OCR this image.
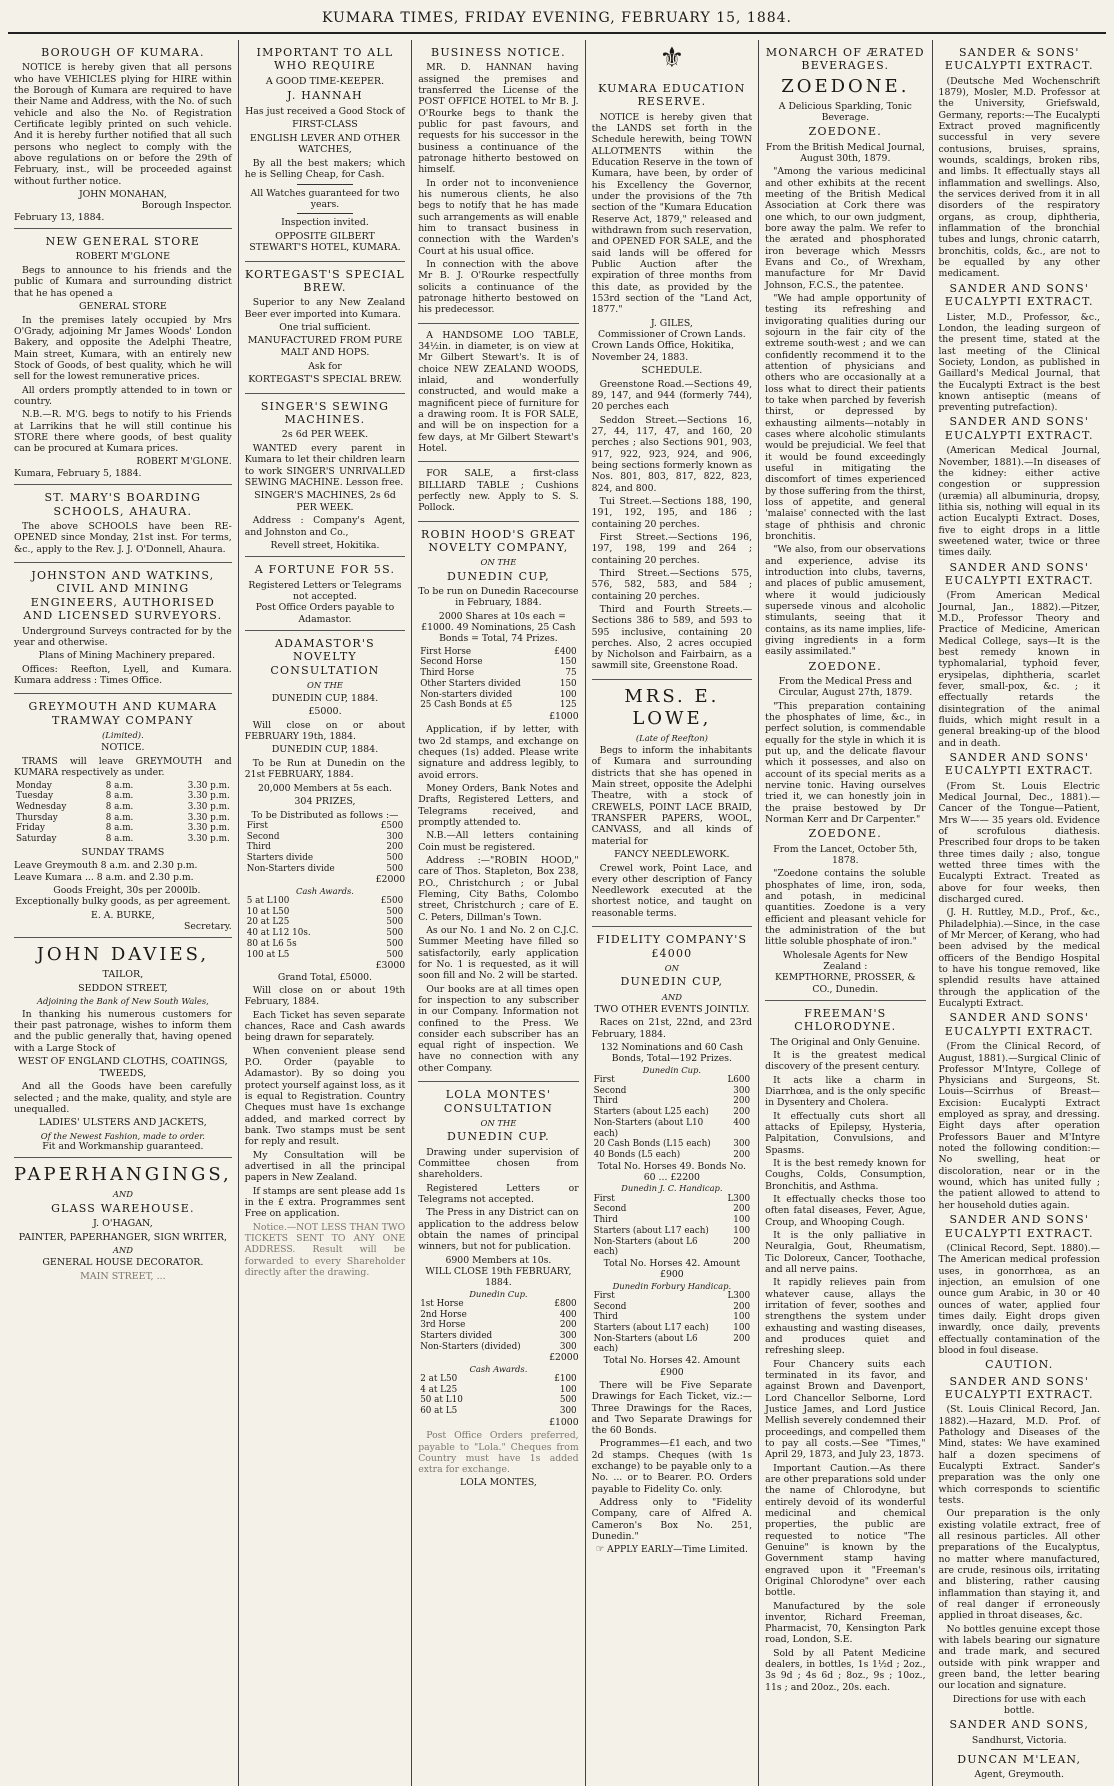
KUMARA TIMES, FRIDAY EVENING, FEBRUARY 15, 1884.
BOROUGH OF KUMARA.

NOTICE is hereby given that all persons who have VEHICLES plying for HIRE within the Borough of Kumara are required to have their Name and Address, with the No. of such vehicle and also the No. of Registration Certificate legibly printed on such vehicle. And it is hereby further notified that all such persons who neglect to comply with the above regulations on or before the 29th of February, inst., will be proceeded against without further notice.

JOHN MONAHAN,
Borough Inspector.
February 13, 1884.
NEW GENERAL STORE
ROBERT M'GLONE

Begs to announce to his friends and the public of Kumara and surrounding district that he has opened a

GENERAL STORE

In the premises lately occupied by Mrs O'Grady, adjoining Mr James Woods' London Bakery, and opposite the Adelphi Theatre, Main street, Kumara, with an entirely new Stock of Goods, of best quality, which he will sell for the lowest remunerative prices.

All orders promptly attended to in town or country.

N.B.—R. M'G. begs to notify to his Friends at Larrikins that he will still continue his STORE there where goods, of best quality can be procured at Kumara prices.

ROBERT M'GLONE.
Kumara, February 5, 1884.
ST. MARY'S BOARDING SCHOOLS, AHAURA.

The above SCHOOLS have been RE-OPENED since Monday, 21st inst. For terms, &c., apply to the Rev. J. J. O'Donnell, Ahaura.

JOHNSTON AND WATKINS, CIVIL AND MINING ENGINEERS, AUTHORISED AND LICENSED SURVEYORS.

Underground Surveys contracted for by the year and otherwise.

Plans of Mining Machinery prepared.

Offices: Reefton, Lyell, and Kumara. Kumara address : Times Office.

GREYMOUTH AND KUMARA TRAMWAY COMPANY
(Limited).
NOTICE.

TRAMS will leave GREYMOUTH and KUMARA respectively as under.

Monday	8 a.m.	3.30 p.m.
Tuesday	8 a.m.	3.30 p.m.
Wednesday	8 a.m.	3.30 p.m.
Thursday	8 a.m.	3.30 p.m.
Friday	8 a.m.	3.30 p.m.
Saturday	8 a.m.	3.30 p.m.
SUNDAY TRAMS
Leave Greymouth 8 a.m. and 2.30 p.m.
Leave Kumara ... 8 a.m. and 2.30 p.m.

Goods Freight, 30s per 2000lb. Exceptionally bulky goods, as per agreement.

E. A. BURKE,
Secretary.
JOHN DAVIES,
TAILOR,
SEDDON STREET,
Adjoining the Bank of New South Wales,

In thanking his numerous customers for their past patronage, wishes to inform them and the public generally that, having opened with a Large Stock of

WEST OF ENGLAND CLOTHS, COATINGS, TWEEDS,

And all the Goods have been carefully selected ; and the make, quality, and style are unequalled.

LADIES' ULSTERS AND JACKETS,
Of the Newest Fashion, made to order.
Fit and Workmanship guaranteed.
PAPERHANGINGS,
AND
GLASS WAREHOUSE.
J. O'HAGAN,
PAINTER, PAPERHANGER, SIGN WRITER,
AND
GENERAL HOUSE DECORATOR.
MAIN STREET, ...
IMPORTANT TO ALL WHO REQUIRE
A GOOD TIME-KEEPER.
J. HANNAH
Has just received a Good Stock of
FIRST-CLASS
ENGLISH LEVER AND OTHER WATCHES,

By all the best makers; which he is Selling Cheap, for Cash.

All Watches guaranteed for two years.
Inspection invited.
OPPOSITE GILBERT STEWART'S HOTEL, KUMARA.
KORTEGAST'S SPECIAL BREW.

Superior to any New Zealand Beer ever imported into Kumara.

One trial sufficient.
MANUFACTURED FROM PURE MALT AND HOPS.
Ask for
KORTEGAST'S SPECIAL BREW.
SINGER'S SEWING MACHINES.
2s 6d PER WEEK.

WANTED every parent in Kumara to let their children learn to work SINGER'S UNRIVALLED SEWING MACHINE. Lesson free.

SINGER'S MACHINES, 2s 6d PER WEEK.

Address : Company's Agent, and Johnston and Co.,

Revell street, Hokitika.
A FORTUNE FOR 5S.
Registered Letters or Telegrams not accepted.
Post Office Orders payable to Adamastor.
ADAMASTOR'S NOVELTY CONSULTATION
ON THE
DUNEDIN CUP, 1884.
£5000.

Will close on or about FEBRUARY 19th, 1884.

DUNEDIN CUP, 1884.

To be Run at Dunedin on the 21st FEBRUARY, 1884.

20,000 Members at 5s each.
304 PRIZES,
To be Distributed as follows :—
First	£500
Second	300
Third	200
Starters divide	500
Non-Starters divide	500
£2000
Cash Awards.
5 at L100	£500
10 at L50	500
20 at L25	500
40 at L12 10s.	500
80 at L6 5s	500
100 at L5	500
£3000
Grand Total, £5000.

Will close on or about 19th February, 1884.

Each Ticket has seven separate chances, Race and Cash awards being drawn for separately.

When convenient please send P.O. Order (payable to Adamastor). By so doing you protect yourself against loss, as it is equal to Registration. Country Cheques must have 1s exchange added, and marked correct by bank. Two stamps must be sent for reply and result.

My Consultation will be advertised in all the principal papers in New Zealand.

If stamps are sent please add 1s in the £ extra. Programmes sent Free on application.

Notice.—NOT LESS THAN TWO TICKETS SENT TO ANY ONE ADDRESS. Result will be forwarded to every Shareholder directly after the drawing.

BUSINESS NOTICE.

MR. D. HANNAN having assigned the premises and transferred the License of the POST OFFICE HOTEL to Mr B. J. O'Rourke begs to thank the public for past favours, and requests for his successor in the business a continuance of the patronage hitherto bestowed on himself.

In order not to inconvenience his numerous clients, he also begs to notify that he has made such arrangements as will enable him to transact business in connection with the Warden's Court at his usual office.

In connection with the above Mr B. J. O'Rourke respectfully solicits a continuance of the patronage hitherto bestowed on his predecessor.

A HANDSOME LOO TABLE, 34½in. in diameter, is on view at Mr Gilbert Stewart's. It is of choice NEW ZEALAND WOODS, inlaid, and wonderfully constructed, and would make a magnificent piece of furniture for a drawing room. It is FOR SALE, and will be on inspection for a few days, at Mr Gilbert Stewart's Hotel.

FOR SALE, a first-class BILLIARD TABLE ; Cushions perfectly new. Apply to S. S. Pollock.

ROBIN HOOD'S GREAT NOVELTY COMPANY,
ON THE
DUNEDIN CUP,
To be run on Dunedin Racecourse in February, 1884.

2000 Shares at 10s each = £1000. 49 Nominations, 25 Cash Bonds = Total, 74 Prizes.

First Horse	£400
Second Horse	150
Third Horse	75
Other Starters divided	150
Non-starters divided	100
25 Cash Bonds at £5	125
£1000

Application, if by letter, with two 2d stamps, and exchange on cheques (1s) added. Please write signature and address legibly, to avoid errors.

Money Orders, Bank Notes and Drafts, Registered Letters, and Telegrams received, and promptly attended to.

N.B.—All letters containing Coin must be registered.

Address :—"ROBIN HOOD," care of Thos. Stapleton, Box 238, P.O., Christchurch ; or Jubal Fleming, City Baths, Colombo street, Christchurch ; care of E. C. Peters, Dillman's Town.

As our No. 1 and No. 2 on C.J.C. Summer Meeting have filled so satisfactorily, early application for No. 1 is requested, as it will soon fill and No. 2 will be started.

Our books are at all times open for inspection to any subscriber in our Company. Information not confined to the Press. We consider each subscriber has an equal right of inspection. We have no connection with any other Company.

LOLA MONTES' CONSULTATION
ON THE
DUNEDIN CUP.

Drawing under supervision of Committee chosen from shareholders.

Registered Letters or Telegrams not accepted.

The Press in any District can on application to the address below obtain the names of principal winners, but not for publication.

6900 Members at 10s.
WILL CLOSE 19th FEBRUARY, 1884.
Dunedin Cup.
1st Horse	£800
2nd Horse	400
3rd Horse	200
Starters divided	300
Non-Starters (divided)	300
£2000
Cash Awards.
2 at L50	£100
4 at L25	100
50 at L10	500
60 at L5	300
£1000

Post Office Orders preferred, payable to "Lola." Cheques from Country must have 1s added extra for exchange.

LOLA MONTES,
⚜
KUMARA EDUCATION RESERVE.

NOTICE is hereby given that the LANDS set forth in the Schedule herewith, being TOWN ALLOTMENTS within the Education Reserve in the town of Kumara, have been, by order of his Excellency the Governor, under the provisions of the 7th section of the "Kumara Education Reserve Act, 1879," released and withdrawn from such reservation, and OPENED FOR SALE, and the said lands will be offered for Public Auction after the expiration of three months from this date, as provided by the 153rd section of the "Land Act, 1877."

J. GILES,
Commissioner of Crown Lands.
Crown Lands Office, Hokitika, November 24, 1883.
SCHEDULE.

Greenstone Road.—Sections 49, 89, 147, and 944 (formerly 744), 20 perches each

Seddon Street.—Sections 16, 27, 44, 117, 47, and 160, 20 perches ; also Sections 901, 903, 917, 922, 923, 924, and 906, being sections formerly known as Nos. 801, 803, 817, 822, 823, 824, and 800.

Tui Street.—Sections 188, 190, 191, 192, 195, and 186 ; containing 20 perches.

First Street.—Sections 196, 197, 198, 199 and 264 ; containing 20 perches.

Third Street.—Sections 575, 576, 582, 583, and 584 ; containing 20 perches.

Third and Fourth Streets.—Sections 386 to 589, and 593 to 595 inclusive, containing 20 perches. Also, 2 acres occupied by Nicholson and Fairbairn, as a sawmill site, Greenstone Road.

MRS. E. LOWE,
(Late of Reefton)

Begs to inform the inhabitants of Kumara and surrounding districts that she has opened in Main street, opposite the Adelphi Theatre, with a stock of CREWELS, POINT LACE BRAID, TRANSFER PAPERS, WOOL, CANVASS, and all kinds of material for

FANCY NEEDLEWORK.

Crewel work, Point Lace, and every other description of Fancy Needlework executed at the shortest notice, and taught on reasonable terms.

FIDELITY COMPANY'S £4000
ON
DUNEDIN CUP,
AND
TWO OTHER EVENTS JOINTLY.

Races on 21st, 22nd, and 23rd February, 1884.

132 Nominations and 60 Cash Bonds, Total—192 Prizes.
Dunedin Cup.
First	L600
Second	300
Third	200
Starters (about L25 each)	200
Non-Starters (about L10 each)	400
20 Cash Bonds (L15 each)	300
40 Bonds (L5 each)	200
Total No. Horses 49. Bonds No. 60 ... £2200
Dunedin J. C. Handicap.
First	L300
Second	200
Third	100
Starters (about L17 each)	100
Non-Starters (about L6 each)	200
Total No. Horses 42. Amount £900
Dunedin Forbury Handicap.
First	L300
Second	200
Third	100
Starters (about L17 each)	100
Non-Starters (about L6 each)	200
Total No. Horses 42. Amount £900

There will be Five Separate Drawings for Each Ticket, viz.:—Three Drawings for the Races, and Two Separate Drawings for the 60 Bonds.

Programmes—£1 each, and two 2d stamps. Cheques (with 1s exchange) to be payable only to a No. ... or to Bearer. P.O. Orders payable to Fidelity Co. only.

Address only to "Fidelity Company, care of Alfred A. Cameron's Box No. 251, Dunedin."

☞ APPLY EARLY—Time Limited.
MONARCH OF ÆRATED BEVERAGES.
ZOEDONE.
A Delicious Sparkling, Tonic Beverage.
ZOEDONE.
From the British Medical Journal, August 30th, 1879.

"Among the various medicinal and other exhibits at the recent meeting of the British Medical Association at Cork there was one which, to our own judgment, bore away the palm. We refer to the ærated and phosphorated iron beverage which Messrs Evans and Co., of Wrexham, manufacture for Mr David Johnson, F.C.S., the patentee.

"We had ample opportunity of testing its refreshing and invigorating qualities during our sojourn in the fair city of the extreme south-west ; and we can confidently recommend it to the attention of physicians and others who are occasionally at a loss what to direct their patients to take when parched by feverish thirst, or depressed by exhausting ailments—notably in cases where alcoholic stimulants would be prejudicial. We feel that it would be found exceedingly useful in mitigating the discomfort of times experienced by those suffering from the thirst, loss of appetite, and general 'malaise' connected with the last stage of phthisis and chronic bronchitis.

"We also, from our observations and experience, advise its introduction into clubs, taverns, and places of public amusement, where it would judiciously supersede vinous and alcoholic stimulants, seeing that it contains, as its name implies, life-giving ingredients in a form easily assimilated."

ZOEDONE.
From the Medical Press and Circular, August 27th, 1879.

"This preparation containing the phosphates of lime, &c., in perfect solution, is commendable equally for the style in which it is put up, and the delicate flavour which it possesses, and also on account of its special merits as a nervine tonic. Having ourselves tried it, we can honestly join in the praise bestowed by Dr Norman Kerr and Dr Carpenter."

ZOEDONE.
From the Lancet, October 5th, 1878.

"Zoedone contains the soluble phosphates of lime, iron, soda, and potash, in medicinal quantities. Zoedone is a very efficient and pleasant vehicle for the administration of the but little soluble phosphate of iron."

Wholesale Agents for New Zealand :
KEMPTHORNE, PROSSER, & CO., Dunedin.
FREEMAN'S CHLORODYNE.
The Original and Only Genuine.

It is the greatest medical discovery of the present century.

It acts like a charm in Diarrhœa, and is the only specific in Dysentery and Cholera.

It effectually cuts short all attacks of Epilepsy, Hysteria, Palpitation, Convulsions, and Spasms.

It is the best remedy known for Coughs, Colds, Consumption, Bronchitis, and Asthma.

It effectually checks those too often fatal diseases, Fever, Ague, Croup, and Whooping Cough.

It is the only palliative in Neuralgia, Gout, Rheumatism, Tic Doloreux, Cancer, Toothache, and all nerve pains.

It rapidly relieves pain from whatever cause, allays the irritation of fever, soothes and strengthens the system under exhausting and wasting diseases, and produces quiet and refreshing sleep.

Four Chancery suits each terminated in its favor, and against Brown and Davenport, Lord Chancellor Selborne, Lord Justice James, and Lord Justice Mellish severely condemned their proceedings, and compelled them to pay all costs.—See "Times," April 29, 1873, and July 23, 1873.

Important Caution.—As there are other preparations sold under the name of Chlorodyne, but entirely devoid of its wonderful medicinal and chemical properties, the public are requested to notice "The Genuine" is known by the Government stamp having engraved upon it "Freeman's Original Chlorodyne" over each bottle.

Manufactured by the sole inventor, Richard Freeman, Pharmacist, 70, Kensington Park road, London, S.E.

Sold by all Patent Medicine dealers, in bottles, 1s 1½d ; 2oz., 3s 9d ; 4s 6d ; 8oz., 9s ; 10oz., 11s ; and 20oz., 20s. each.

SANDER & SONS' EUCALYPTI EXTRACT.

(Deutsche Med Wochenschrift 1879), Mosler, M.D. Professor at the University, Griefswald, Germany, reports:—The Eucalypti Extract proved magnificently successful in very severe contusions, bruises, sprains, wounds, scaldings, broken ribs, and limbs. It effectually stays all inflammation and swellings. Also, the services derived from it in all disorders of the respiratory organs, as croup, diphtheria, inflammation of the bronchial tubes and lungs, chronic catarrh, bronchitis, colds, &c., are not to be equalled by any other medicament.

SANDER AND SONS' EUCALYPTI EXTRACT.

Lister, M.D., Professor, &c., London, the leading surgeon of the present time, stated at the last meeting of the Clinical Society, London, as published in Gaillard's Medical Journal, that the Eucalypti Extract is the best known antiseptic (means of preventing putrefaction).

SANDER AND SONS' EUCALYPTI EXTRACT.

(American Medical Journal, November, 1881).—In diseases of the kidney: either active congestion or suppression (uræmia) all albuminuria, dropsy, lithia sis, nothing will equal in its action Eucalypti Extract. Doses, five to eight drops in a little sweetened water, twice or three times daily.

SANDER AND SONS' EUCALYPTI EXTRACT.

(From American Medical Journal, Jan., 1882).—Pitzer, M.D., Professor Theory and Practice of Medicine, American Medical College, says—It is the best remedy known in typhomalarial, typhoid fever, erysipelas, diphtheria, scarlet fever, small-pox, &c. ; it effectually retards the disintegration of the animal fluids, which might result in a general breaking-up of the blood and in death.

SANDER AND SONS' EUCALYPTI EXTRACT.

(From St. Louis Electric Medical Journal, Dec., 1881).—Cancer of the Tongue—Patient, Mrs W—— 35 years old. Evidence of scrofulous diathesis. Prescribed four drops to be taken three times daily ; also, tongue wetted three times with the Eucalypti Extract. Treated as above for four weeks, then discharged cured.

(J. H. Ruttley, M.D., Prof., &c., Philadelphia).—Since, in the case of Mr Mercer, of Kerang, who had been advised by the medical officers of the Bendigo Hospital to have his tongue removed, like splendid results have attained through the application of the Eucalypti Extract.

SANDER AND SONS' EUCALYPTI EXTRACT.

(From the Clinical Record, of August, 1881).—Surgical Clinic of Professor M'Intyre, College of Physicians and Surgeons, St. Louis—Scirrhus of Breast—Excision: Eucalypti Extract employed as spray, and dressing. Eight days after operation Professors Bauer and M'Intyre noted the following condition:—No swelling, heat or discoloration, near or in the wound, which has united fully ; the patient allowed to attend to her household duties again.

SANDER AND SONS' EUCALYPTI EXTRACT.

(Clinical Record, Sept. 1880).—The American medical profession uses, in gonorrhœa, as an injection, an emulsion of one ounce gum Arabic, in 30 or 40 ounces of water, applied four times daily. Eight drops given inwardly, once daily, prevents effectually contamination of the blood in foul disease.

CAUTION.
SANDER AND SONS' EUCALYPTI EXTRACT.

(St. Louis Clinical Record, Jan. 1882).—Hazard, M.D. Prof. of Pathology and Diseases of the Mind, states: We have examined half a dozen specimens of Eucalypti Extract. Sander's preparation was the only one which corresponds to scientific tests.

Our preparation is the only existing volatile extract, free of all resinous particles. All other preparations of the Eucalyptus, no matter where manufactured, are crude, resinous oils, irritating and blistering, rather causing inflammation than staying it, and of real danger if erroneously applied in throat diseases, &c.

No bottles genuine except those with labels bearing our signature and trade mark, and secured outside with pink wrapper and green band, the letter bearing our location and signature.

Directions for use with each bottle.
SANDER AND SONS,
Sandhurst, Victoria.
DUNCAN M'LEAN,
Agent, Greymouth.
